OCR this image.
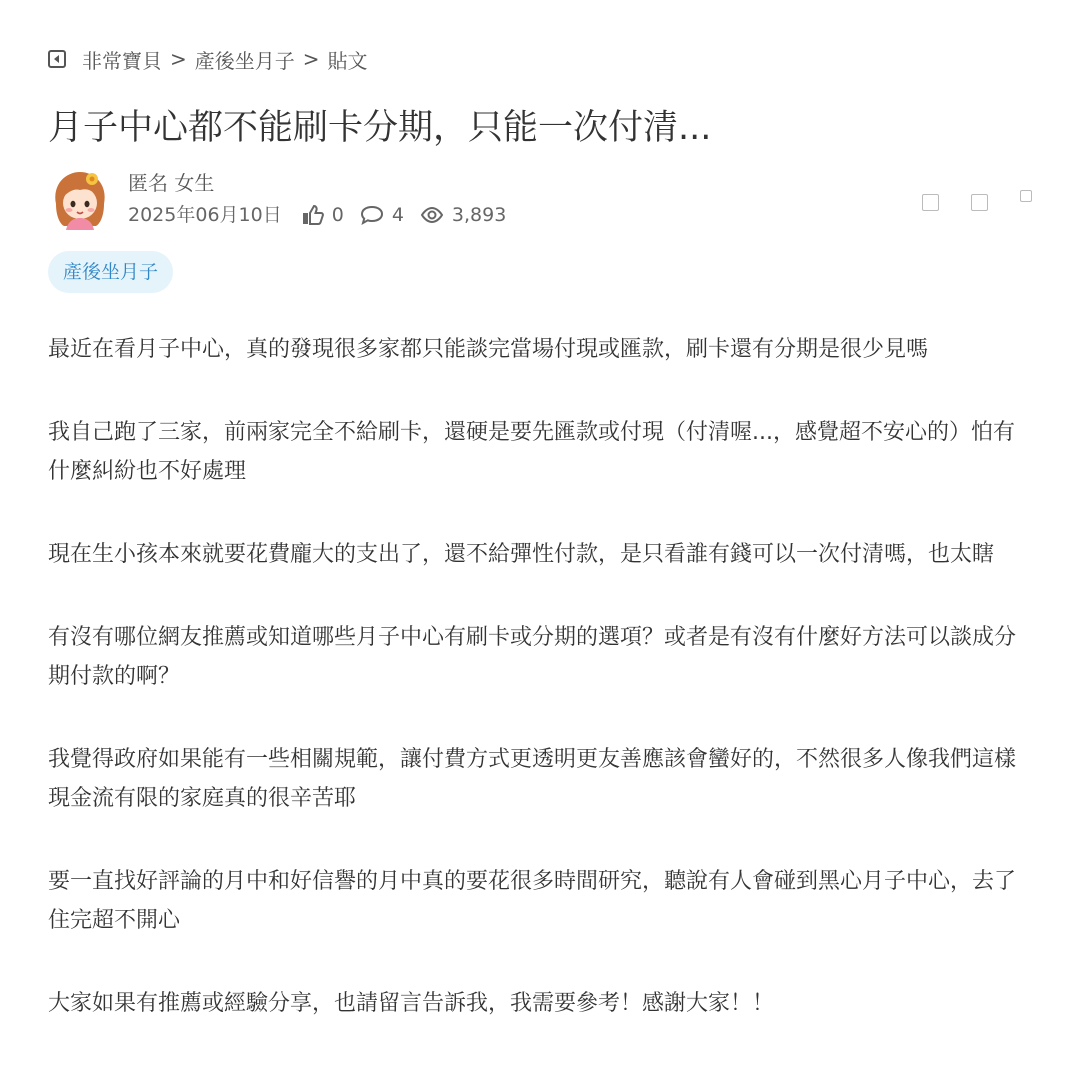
非常寶貝 > 產後坐月子 > 貼文
月子中心都不能刷卡分期，只能一次付清...
匿名 女生
2025年06月10日	0	4	3,893
產後坐月子

最近在看月子中心，真的發現很多家都只能談完當場付現或匯款，刷卡還有分期是很少見嗎

我自己跑了三家，前兩家完全不給刷卡，還硬是要先匯款或付現（付清喔...，感覺超不安心的）怕有什麼糾紛也不好處理

現在生小孩本來就要花費龐大的支出了，還不給彈性付款，是只看誰有錢可以一次付清嗎，也太瞎

有沒有哪位網友推薦或知道哪些月子中心有刷卡或分期的選項？或者是有沒有什麼好方法可以談成分期付款的啊？

我覺得政府如果能有一些相關規範，讓付費方式更透明更友善應該會蠻好的，不然很多人像我們這樣現金流有限的家庭真的很辛苦耶

要一直找好評論的月中和好信譽的月中真的要花很多時間研究，聽說有人會碰到黑心月子中心，去了住完超不開心

大家如果有推薦或經驗分享，也請留言告訴我，我需要參考！感謝大家！！
